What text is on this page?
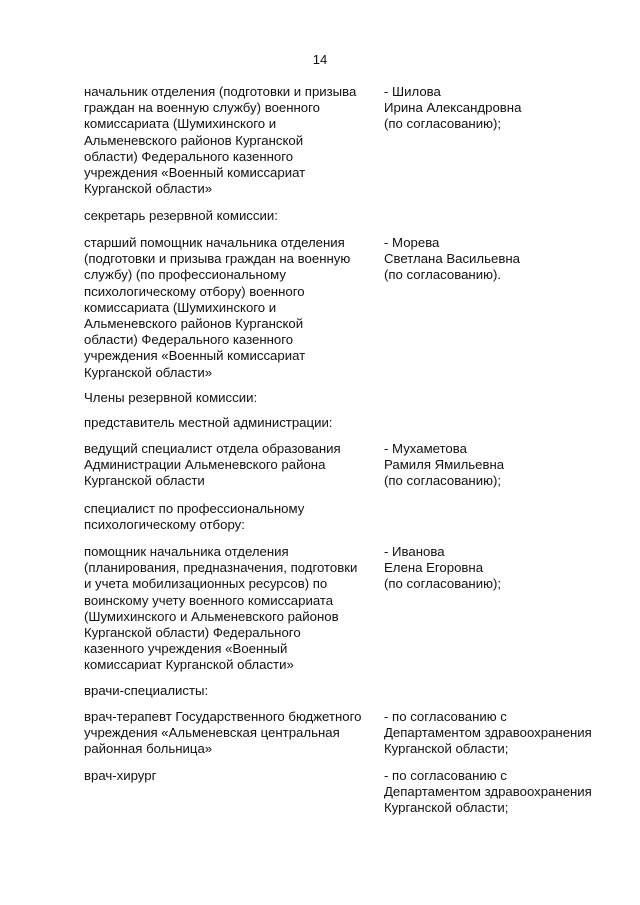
14
начальник отделения (подготовки и призыва
граждан на военную службу) военного
комиссариата (Шумихинского и
Альменевского районов Курганской
области) Федерального казенного
учреждения «Военный комиссариат
Курганской области»
- Шилова
Ирина Александровна
(по согласованию);
секретарь резервной комиссии:
старший помощник начальника отделения
(подготовки и призыва граждан на военную
службу) (по профессиональному
психологическому отбору) военного
комиссариата (Шумихинского и
Альменевского районов Курганской
области) Федерального казенного
учреждения «Военный комиссариат
Курганской области»
- Морева
Светлана Васильевна
(по согласованию).
Члены резервной комиссии:
представитель местной администрации:
ведущий специалист отдела образования
Администрации Альменевского района
Курганской области
- Мухаметова
Рамиля Ямильевна
(по согласованию);
специалист по профессиональному
психологическому отбору:
помощник начальника отделения
(планирования, предназначения, подготовки
и учета мобилизационных ресурсов) по
воинскому учету военного комиссариата
(Шумихинского и Альменевского районов
Курганской области) Федерального
казенного учреждения «Военный
комиссариат Курганской области»
- Иванова
Елена Егоровна
(по согласованию);
врачи-специалисты:
врач-терапевт Государственного бюджетного
учреждения «Альменевская центральная
районная больница»
- по согласованию с
Департаментом здравоохранения
Курганской области;
врач-хирург	- по согласованию с
Департаментом здравоохранения
Курганской области;
